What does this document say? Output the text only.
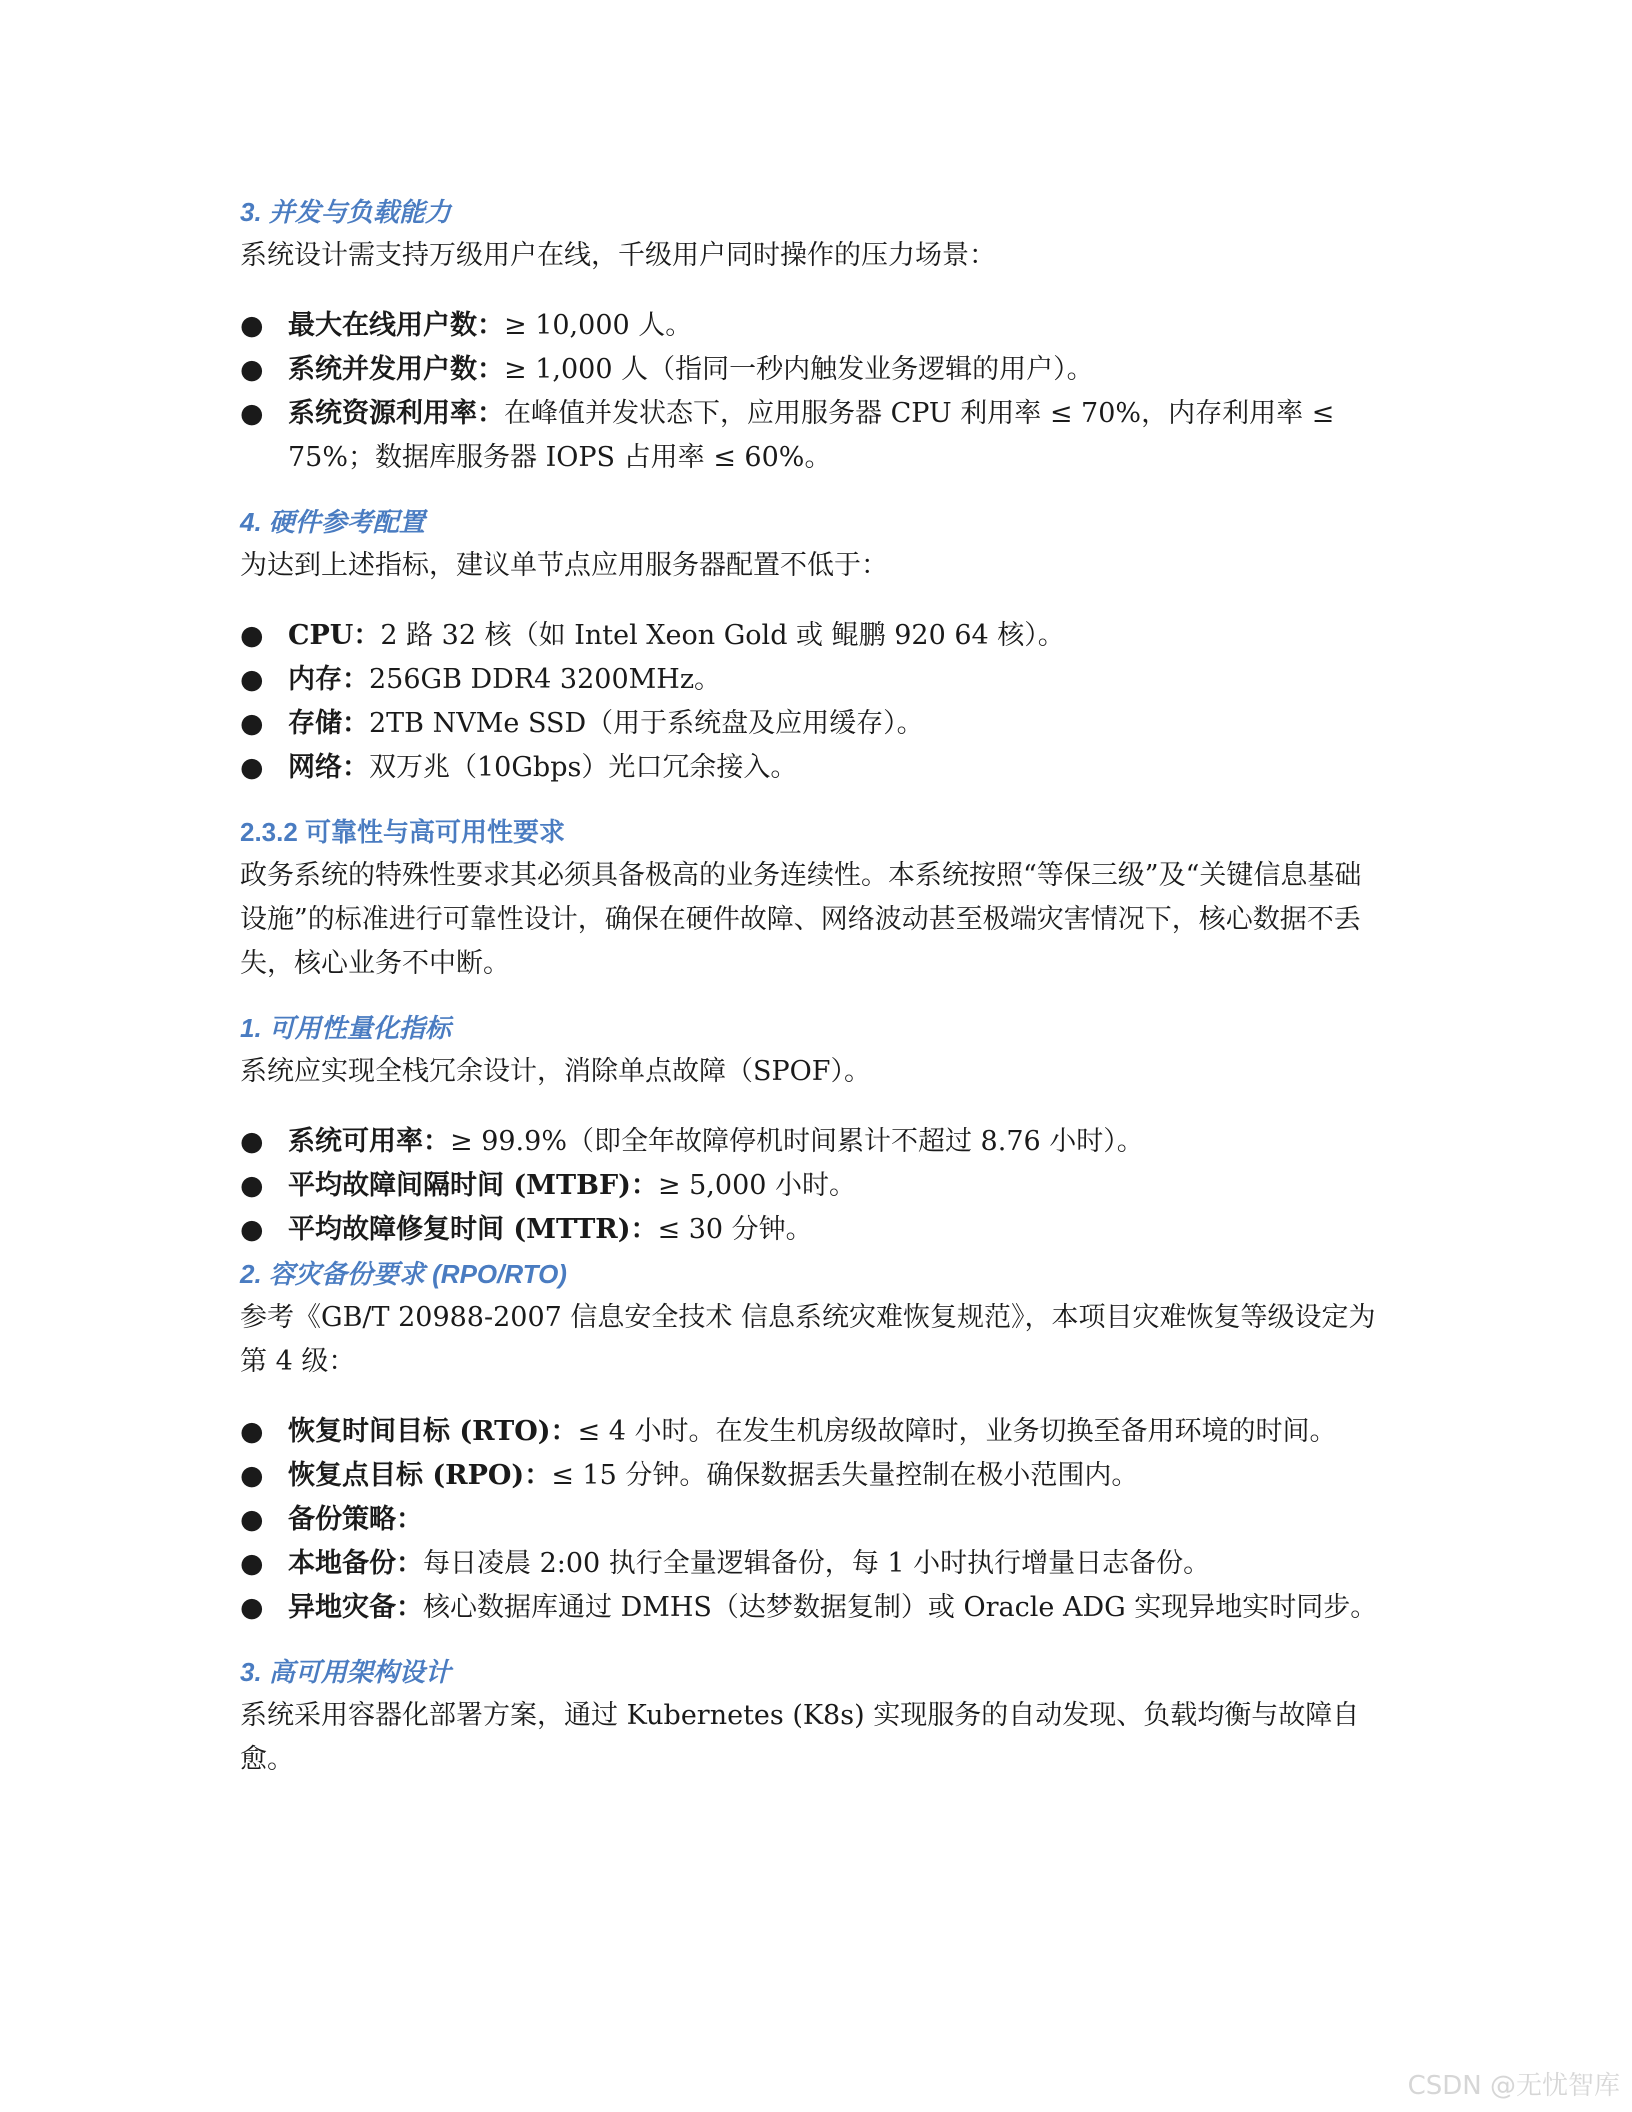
3. 并发与负载能力

系统设计需支持万级用户在线，千级用户同时操作的压力场景：

● 最大在线用户数：≥ 10,000 人。
● 系统并发用户数：≥ 1,000 人（指同一秒内触发业务逻辑的用户）。
● 系统资源利用率：在峰值并发状态下，应用服务器 CPU 利用率 ≤ 70%，内存利用率 ≤ 75%；数据库服务器 IOPS 占用率 ≤ 60%。
4. 硬件参考配置

为达到上述指标，建议单节点应用服务器配置不低于：

● CPU：2 路 32 核（如 Intel Xeon Gold 或 鲲鹏 920 64 核）。
● 内存：256GB DDR4 3200MHz。
● 存储：2TB NVMe SSD（用于系统盘及应用缓存）。
● 网络：双万兆（10Gbps）光口冗余接入。
2.3.2 可靠性与高可用性要求

政务系统的特殊性要求其必须具备极高的业务连续性。本系统按照“等保三级”及“关键信息基础设施”的标准进行可靠性设计，确保在硬件故障、网络波动甚至极端灾害情况下，核心数据不丢失，核心业务不中断。

1. 可用性量化指标

系统应实现全栈冗余设计，消除单点故障（SPOF）。

● 系统可用率：≥ 99.9%（即全年故障停机时间累计不超过 8.76 小时）。
● 平均故障间隔时间 (MTBF)：≥ 5,000 小时。
● 平均故障修复时间 (MTTR)：≤ 30 分钟。
2. 容灾备份要求 (RPO/RTO)

参考《GB/T 20988-2007 信息安全技术 信息系统灾难恢复规范》，本项目灾难恢复等级设定为第 4 级：

● 恢复时间目标 (RTO)：≤ 4 小时。在发生机房级故障时，业务切换至备用环境的时间。
● 恢复点目标 (RPO)：≤ 15 分钟。确保数据丢失量控制在极小范围内。
● 备份策略：
● 本地备份：每日凌晨 2:00 执行全量逻辑备份，每 1 小时执行增量日志备份。
● 异地灾备：核心数据库通过 DMHS（达梦数据复制）或 Oracle ADG 实现异地实时同步。
3. 高可用架构设计

系统采用容器化部署方案，通过 Kubernetes (K8s) 实现服务的自动发现、负载均衡与故障自愈。

CSDN @无忧智库
